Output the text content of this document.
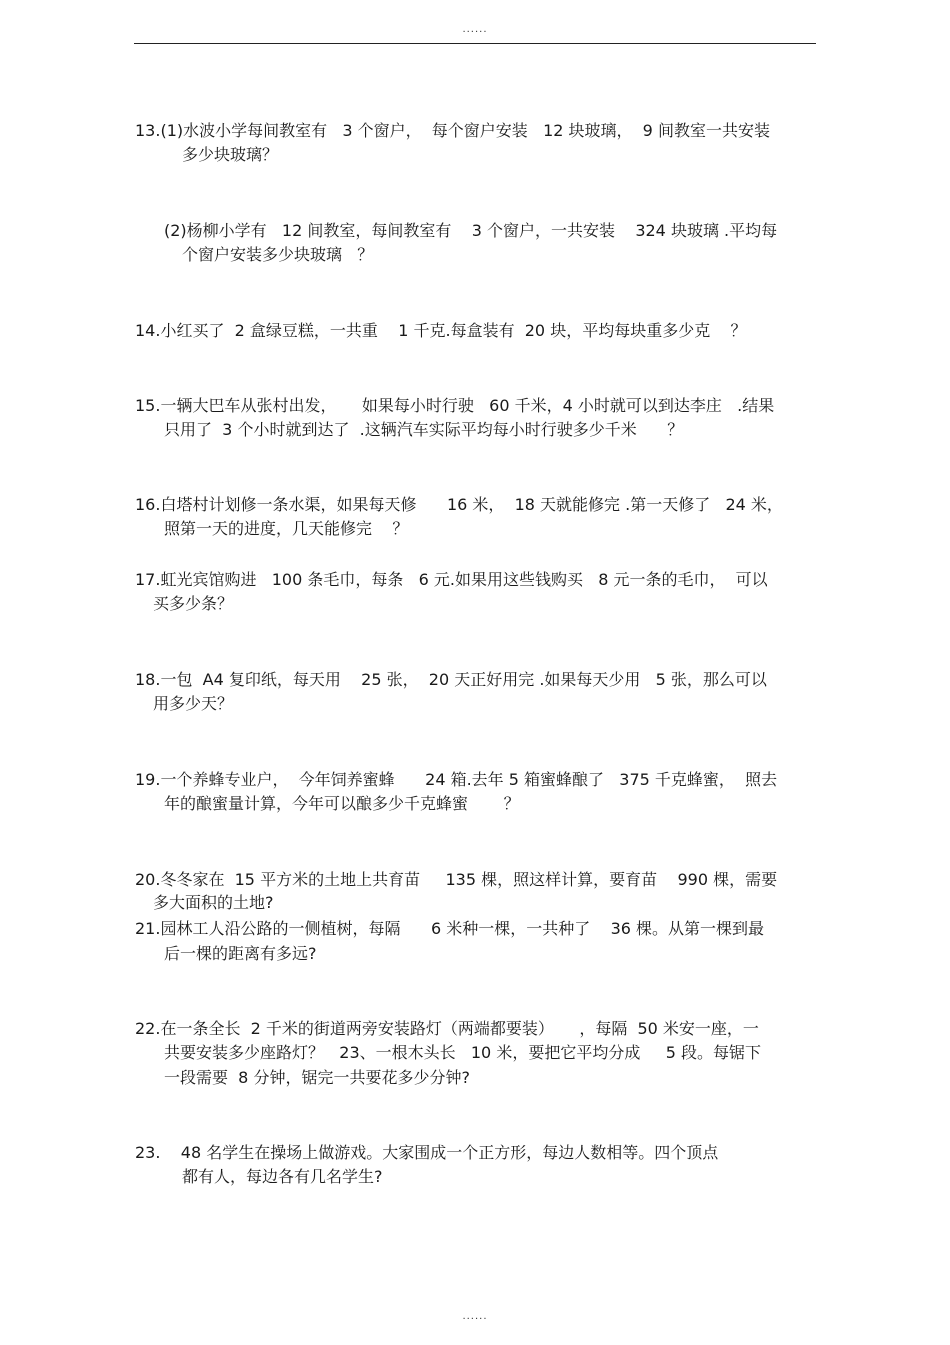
......
13.(1)水波小学每间教室有   3 个窗户，  每个窗户安装   12 块玻璃，  9 间教室一共安装
多少块玻璃？
(2)杨柳小学有   12 间教室，每间教室有    3 个窗户，一共安装    324 块玻璃 .平均每
个窗户安装多少块玻璃   ？
14.小红买了  2 盒绿豆糕，一共重    1 千克.每盒装有  20 块，平均每块重多少克    ？
15.一辆大巴车从张村出发，     如果每小时行驶   60 千米，4 小时就可以到达李庄   .结果
只用了  3 个小时就到达了  .这辆汽车实际平均每小时行驶多少千米      ？
16.白塔村计划修一条水渠，如果每天修      16 米，  18 天就能修完 .第一天修了   24 米，
照第一天的进度，几天能修完    ？
17.虹光宾馆购进   100 条毛巾，每条   6 元.如果用这些钱购买   8 元一条的毛巾，  可以
买多少条？
18.一包  A4 复印纸，每天用    25 张，  20 天正好用完 .如果每天少用   5 张，那么可以
用多少天？
19.一个养蜂专业户，  今年饲养蜜蜂      24 箱.去年 5 箱蜜蜂酿了   375 千克蜂蜜，  照去
年的酿蜜量计算，今年可以酿多少千克蜂蜜       ？
20.冬冬家在  15 平方米的土地上共育苗     135 棵，照这样计算，要育苗    990 棵，需要
多大面积的土地?
21.园林工人沿公路的一侧植树，每隔      6 米种一棵，一共种了    36 棵。从第一棵到最
后一棵的距离有多远?
22.在一条全长  2 千米的街道两旁安装路灯（两端都要装）     ，每隔  50 米安一座，一
共要安装多少座路灯？   23、一根木头长   10 米，要把它平均分成     5 段。每锯下
一段需要  8 分钟，锯完一共要花多少分钟?
23.    48 名学生在操场上做游戏。大家围成一个正方形，每边人数相等。四个顶点
都有人，每边各有几名学生?
......
